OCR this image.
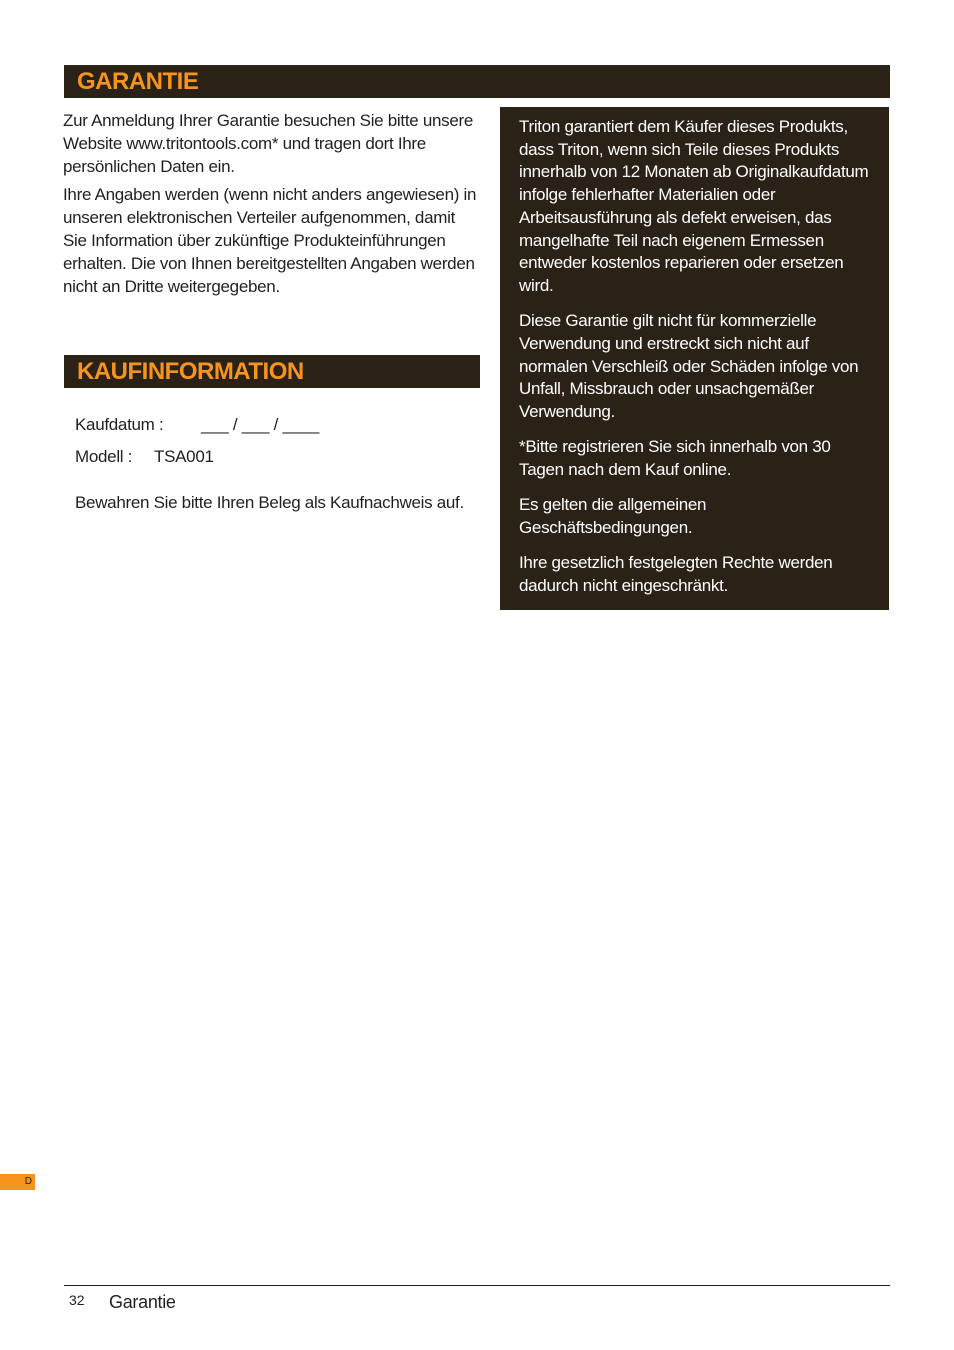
GARANTIE

Zur Anmeldung Ihrer Garantie besuchen Sie bitte unsere Website www.tritontools.com* und tragen dort Ihre persönlichen Daten ein.

Ihre Angaben werden (wenn nicht anders angewiesen) in unseren elektronischen Verteiler aufgenommen, damit Sie Information über zukünftige Produkteinführungen erhalten. Die von Ihnen bereitgestellten Angaben werden nicht an Dritte weitergegeben.

KAUFINFORMATION
Kaufdatum : ___ / ___ / ____
Modell : TSA001
Bewahren Sie bitte Ihren Beleg als Kaufnachweis auf.

Triton garantiert dem Käufer dieses Produkts, dass Triton, wenn sich Teile dieses Produkts innerhalb von 12 Monaten ab Originalkaufdatum infolge fehlerhafter Materialien oder Arbeitsausführung als defekt erweisen, das mangelhafte Teil nach eigenem Ermessen entweder kostenlos reparieren oder ersetzen wird.

Diese Garantie gilt nicht für kommerzielle Verwendung und erstreckt sich nicht auf normalen Verschleiß oder Schäden infolge von Unfall, Missbrauch oder unsachgemäßer Verwendung.

*Bitte registrieren Sie sich innerhalb von 30 Tagen nach dem Kauf online.

Es gelten die allgemeinen Geschäftsbedingungen.

Ihre gesetzlich festgelegten Rechte werden dadurch nicht eingeschränkt.

D
32 Garantie
